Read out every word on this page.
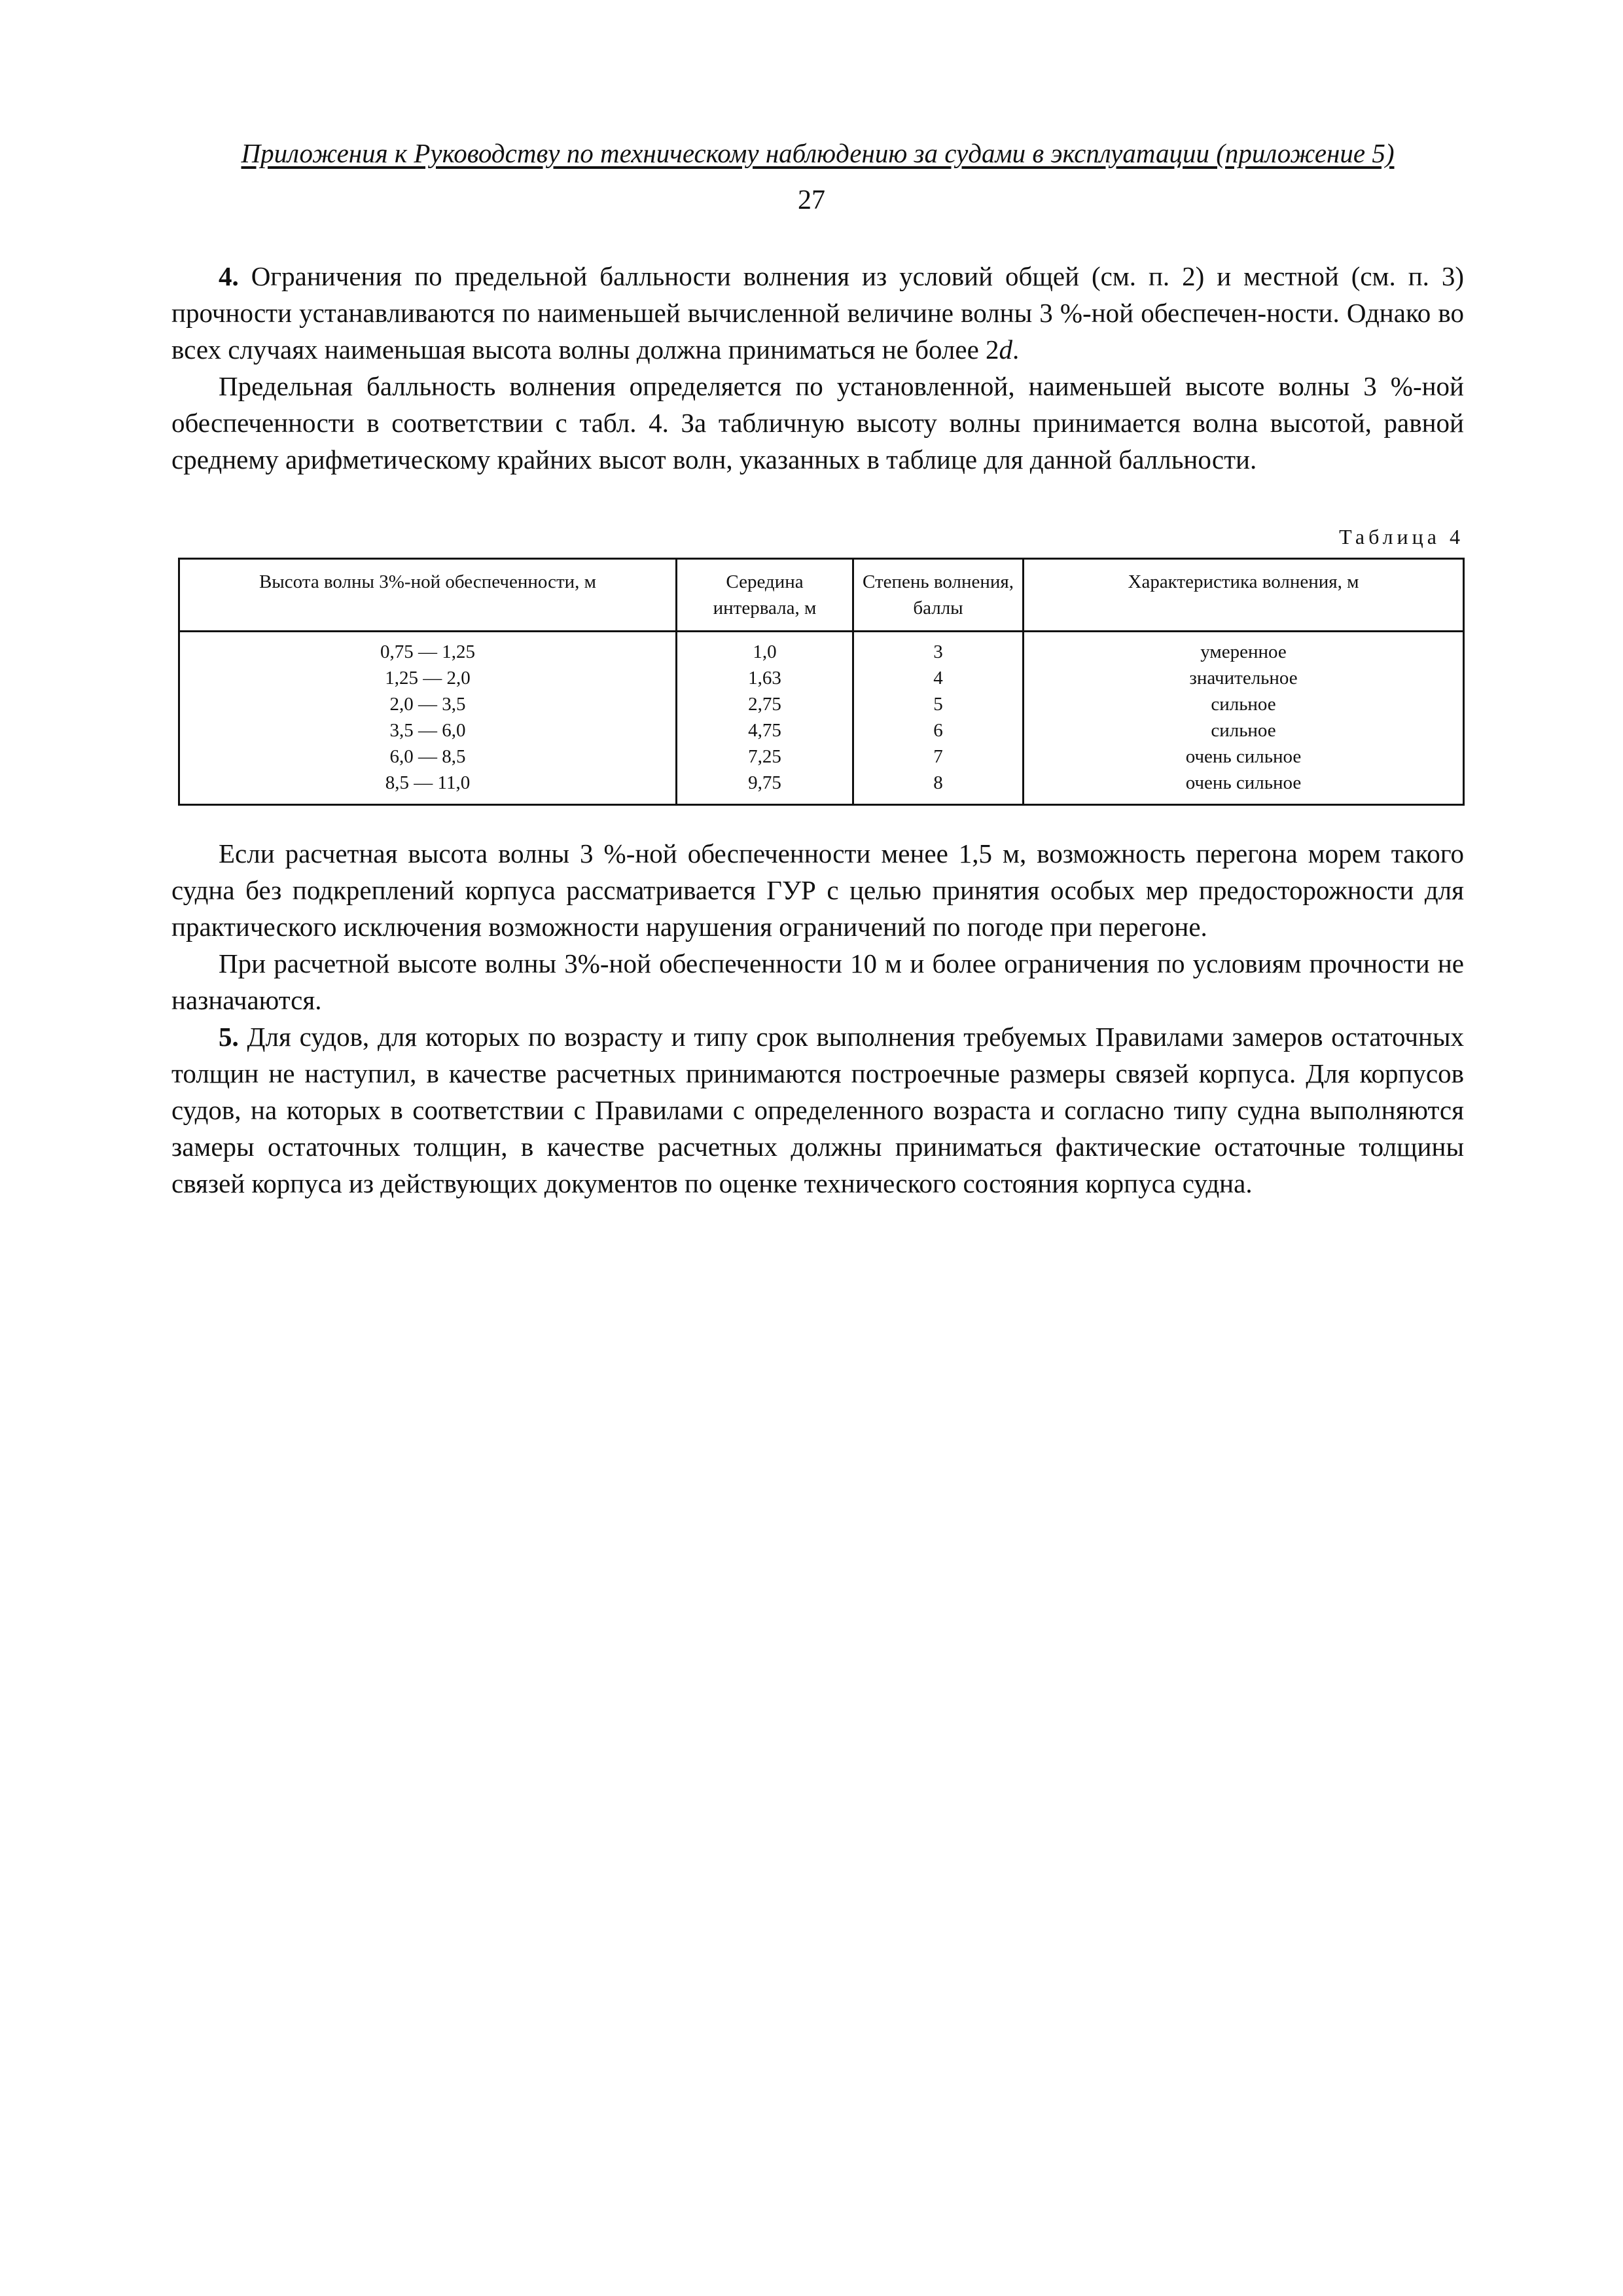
Приложения к Руководству по техническому наблюдению за судами в эксплуатации (приложение 5)
27

4. Ограничения по предельной балльности волнения из условий общей (см. п. 2) и местной (см. п. 3) прочности устанавливаются по наименьшей вычисленной величине волны 3 %-ной обеспечен-ности. Однако во всех случаях наименьшая высота волны должна приниматься не более 2d.

Предельная балльность волнения определяется по установленной, наименьшей высоте волны 3 %-ной обеспеченности в соответствии с табл. 4. За табличную высоту волны принимается волна высотой, равной среднему арифметическому крайних высот волн, указанных в таблице для данной балльности.

Таблица 4
Высота волны 3%-ной обеспеченности, м	Середина интервала, м	Степень волнения, баллы	Характеристика волнения, м
0,75 — 1,25	1,0	3	умеренное
1,25 — 2,0	1,63	4	значительное
2,0 — 3,5	2,75	5	сильное
3,5 — 6,0	4,75	6	сильное
6,0 — 8,5	7,25	7	очень сильное
8,5 — 11,0	9,75	8	очень сильное

Если расчетная высота волны 3 %-ной обеспеченности менее 1,5 м, возможность перегона морем такого судна без подкреплений корпуса рассматривается ГУР с целью принятия особых мер предосторожности для практического исключения возможности нарушения ограничений по погоде при перегоне.

При расчетной высоте волны 3%-ной обеспеченности 10 м и более ограничения по условиям прочности не назначаются.

5. Для судов, для которых по возрасту и типу срок выполнения требуемых Правилами замеров остаточных толщин не наступил, в качестве расчетных принимаются построечные размеры связей корпуса. Для корпусов судов, на которых в соответствии с Правилами с определенного возраста и согласно типу судна выполняются замеры остаточных толщин, в качестве расчетных должны приниматься фактические остаточные толщины связей корпуса из действующих документов по оценке технического состояния корпуса судна.
